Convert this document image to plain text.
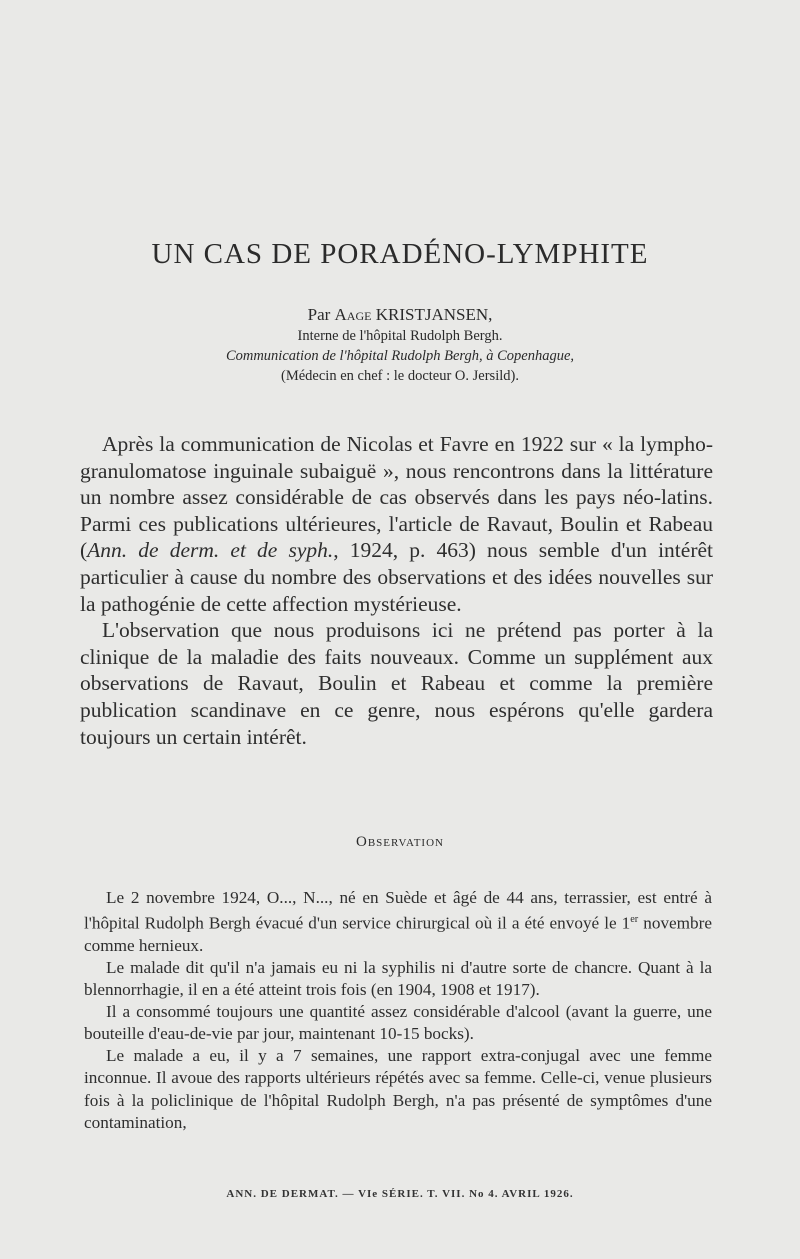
UN CAS DE PORADÉNO-LYMPHITE
Par Aage KRISTJANSEN,
Interne de l'hôpital Rudolph Bergh.
Communication de l'hôpital Rudolph Bergh, à Copenhague,
(Médecin en chef : le docteur O. Jersild).

Après la communication de Nicolas et Favre en 1922 sur « la lympho-granulomatose inguinale subaiguë », nous rencontrons dans la littérature un nombre assez considérable de cas observés dans les pays néo-latins. Parmi ces publications ultérieures, l'article de Ravaut, Boulin et Rabeau (Ann. de derm. et de syph., 1924, p. 463) nous semble d'un intérêt particulier à cause du nombre des observations et des idées nouvelles sur la pathogénie de cette affection mystérieuse.

L'observation que nous produisons ici ne prétend pas porter à la clinique de la maladie des faits nouveaux. Comme un supplément aux observations de Ravaut, Boulin et Rabeau et comme la première publication scandinave en ce genre, nous espérons qu'elle gardera toujours un certain intérêt.

Observation

Le 2 novembre 1924, O..., N..., né en Suède et âgé de 44 ans, terrassier, est entré à l'hôpital Rudolph Bergh évacué d'un service chirurgical où il a été envoyé le 1er novembre comme hernieux.

Le malade dit qu'il n'a jamais eu ni la syphilis ni d'autre sorte de chancre. Quant à la blennorrhagie, il en a été atteint trois fois (en 1904, 1908 et 1917).

Il a consommé toujours une quantité assez considérable d'alcool (avant la guerre, une bouteille d'eau-de-vie par jour, maintenant 10-15 bocks).

Le malade a eu, il y a 7 semaines, une rapport extra-conjugal avec une femme inconnue. Il avoue des rapports ultérieurs répétés avec sa femme. Celle-ci, venue plusieurs fois à la policlinique de l'hôpital Rudolph Bergh, n'a pas présenté de symptômes d'une contamination,

ANN. DE DERMAT. — VIe SÉRIE. T. VII. No 4. AVRIL 1926.
